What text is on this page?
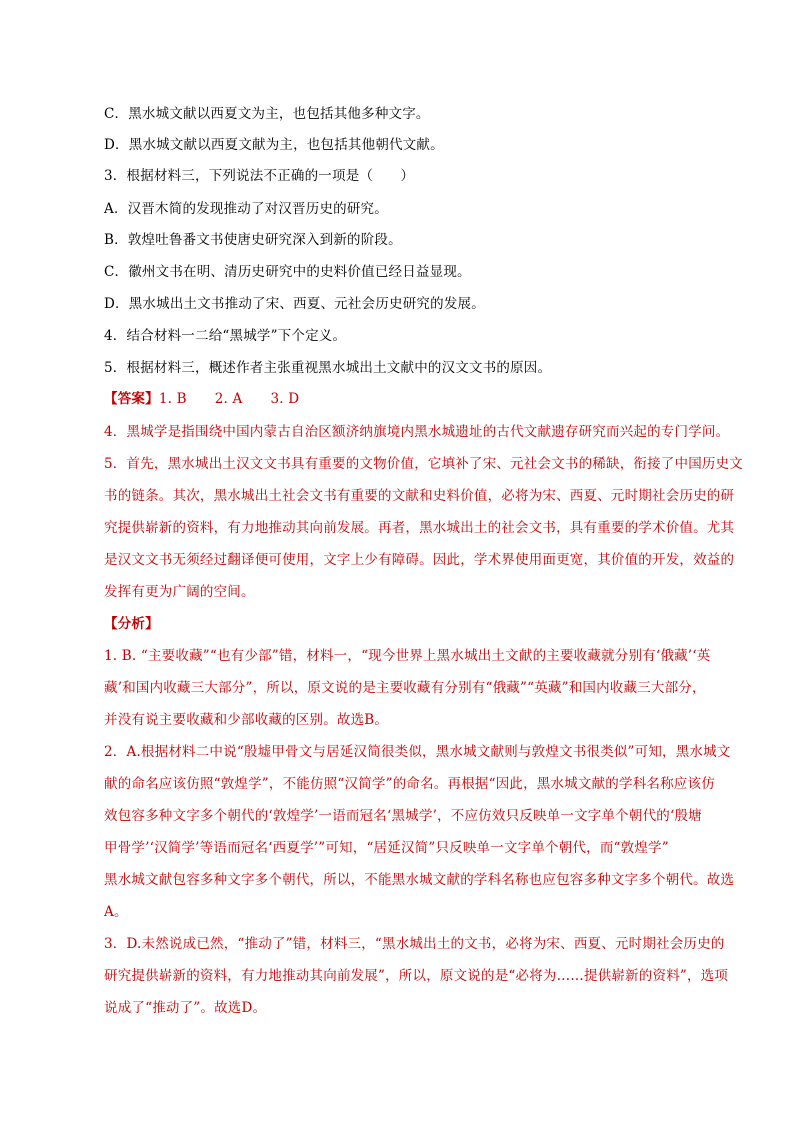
C．黑水城文献以西夏文为主，也包括其他多种文字。
D．黑水城文献以西夏文献为主，也包括其他朝代文献。
3．根据材料三，下列说法不正确的一项是（　　）
A．汉晋木简的发现推动了对汉晋历史的研究。
B．敦煌吐鲁番文书使唐史研究深入到新的阶段。
C．徽州文书在明、清历史研究中的史料价值已经日益显现。
D．黑水城出土文书推动了宋、西夏、元社会历史研究的发展。
4．结合材料一二给“黑城学”下个定义。
5．根据材料三，概述作者主张重视黑水城出土文献中的汉文文书的原因。
【答案】1. B 2. A 3. D
4．黑城学是指围绕中国内蒙古自治区额济纳旗境内黑水城遗址的古代文献遗存研究而兴起的专门学问。
5．首先，黑水城出土汉文文书具有重要的文物价值，它填补了宋、元社会文书的稀缺，衔接了中国历史文
书的链条。其次，黑水城出土社会文书有重要的文献和史料价值，必将为宋、西夏、元时期社会历史的研
究提供崭新的资料，有力地推动其向前发展。再者，黑水城出土的社会文书，具有重要的学术价值。尤其
是汉文文书无须经过翻译便可使用，文字上少有障碍。因此，学术界使用面更宽，其价值的开发，效益的
发挥有更为广阔的空间。
【分析】
1. B. “主要收藏”“也有少部”错，材料一，“现今世界上黑水城出土文献的主要收藏就分别有‘俄藏’‘英
藏’和国内收藏三大部分”，所以，原文说的是主要收藏有分别有“俄藏”“英藏”和国内收藏三大部分，
并没有说主要收藏和少部收藏的区别。故选B。
2．A.根据材料二中说“殷墟甲骨文与居延汉简很类似，黑水城文献则与敦煌文书很类似”可知，黑水城文
献的命名应该仿照“敦煌学”，不能仿照“汉简学”的命名。再根据“因此，黑水城文献的学科名称应该仿
效包容多种文字多个朝代的‘敦煌学’一语而冠名‘黑城学’，不应仿效只反映单一文字单个朝代的‘殷塘
甲骨学’‘汉简学’等语而冠名‘西夏学’”可知，“居延汉简”只反映单一文字单个朝代，而“敦煌学”
黑水城文献包容多种文字多个朝代，所以，不能黑水城文献的学科名称也应包容多种文字多个朝代。故选
A。
3．D.未然说成已然，“推动了”错，材料三，“黑水城出土的文书，必将为宋、西夏、元时期社会历史的
研究提供崭新的资料，有力地推动其向前发展”，所以，原文说的是“必将为……提供崭新的资料”，选项
说成了“推动了”。故选D。
